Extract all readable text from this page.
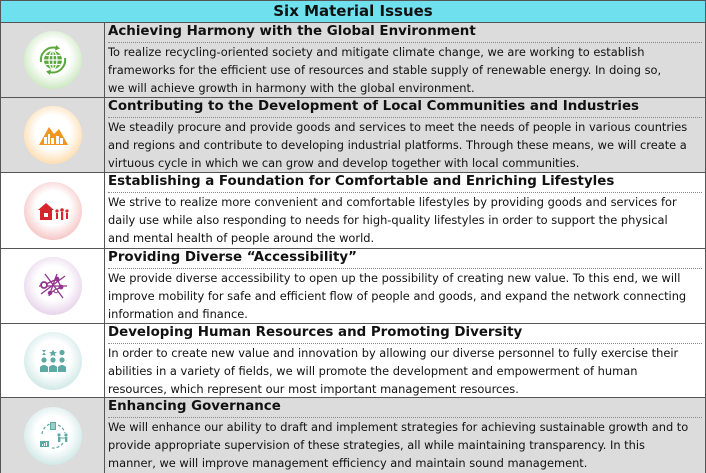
Six Material Issues
Achieving Harmony with the Global Environment
To realize recycling-oriented society and mitigate climate change, we are working to establish
frameworks for the efficient use of resources and stable supply of renewable energy. In doing so,
we will achieve growth in harmony with the global environment.
Contributing to the Development of Local Communities and Industries
We steadily procure and provide goods and services to meet the needs of people in various countries
and regions and contribute to developing industrial platforms. Through these means, we will create a
virtuous cycle in which we can grow and develop together with local communities.
Establishing a Foundation for Comfortable and Enriching Lifestyles
We strive to realize more convenient and comfortable lifestyles by providing goods and services for
daily use while also responding to needs for high-quality lifestyles in order to support the physical
and mental health of people around the world.
Providing Diverse “Accessibility”
We provide diverse accessibility to open up the possibility of creating new value. To this end, we will
improve mobility for safe and efficient flow of people and goods, and expand the network connecting
information and finance.
Developing Human Resources and Promoting Diversity
In order to create new value and innovation by allowing our diverse personnel to fully exercise their
abilities in a variety of fields, we will promote the development and empowerment of human
resources, which represent our most important management resources.
Enhancing Governance
We will enhance our ability to draft and implement strategies for achieving sustainable growth and to
provide appropriate supervision of these strategies, all while maintaining transparency. In this
manner, we will improve management efficiency and maintain sound management.
